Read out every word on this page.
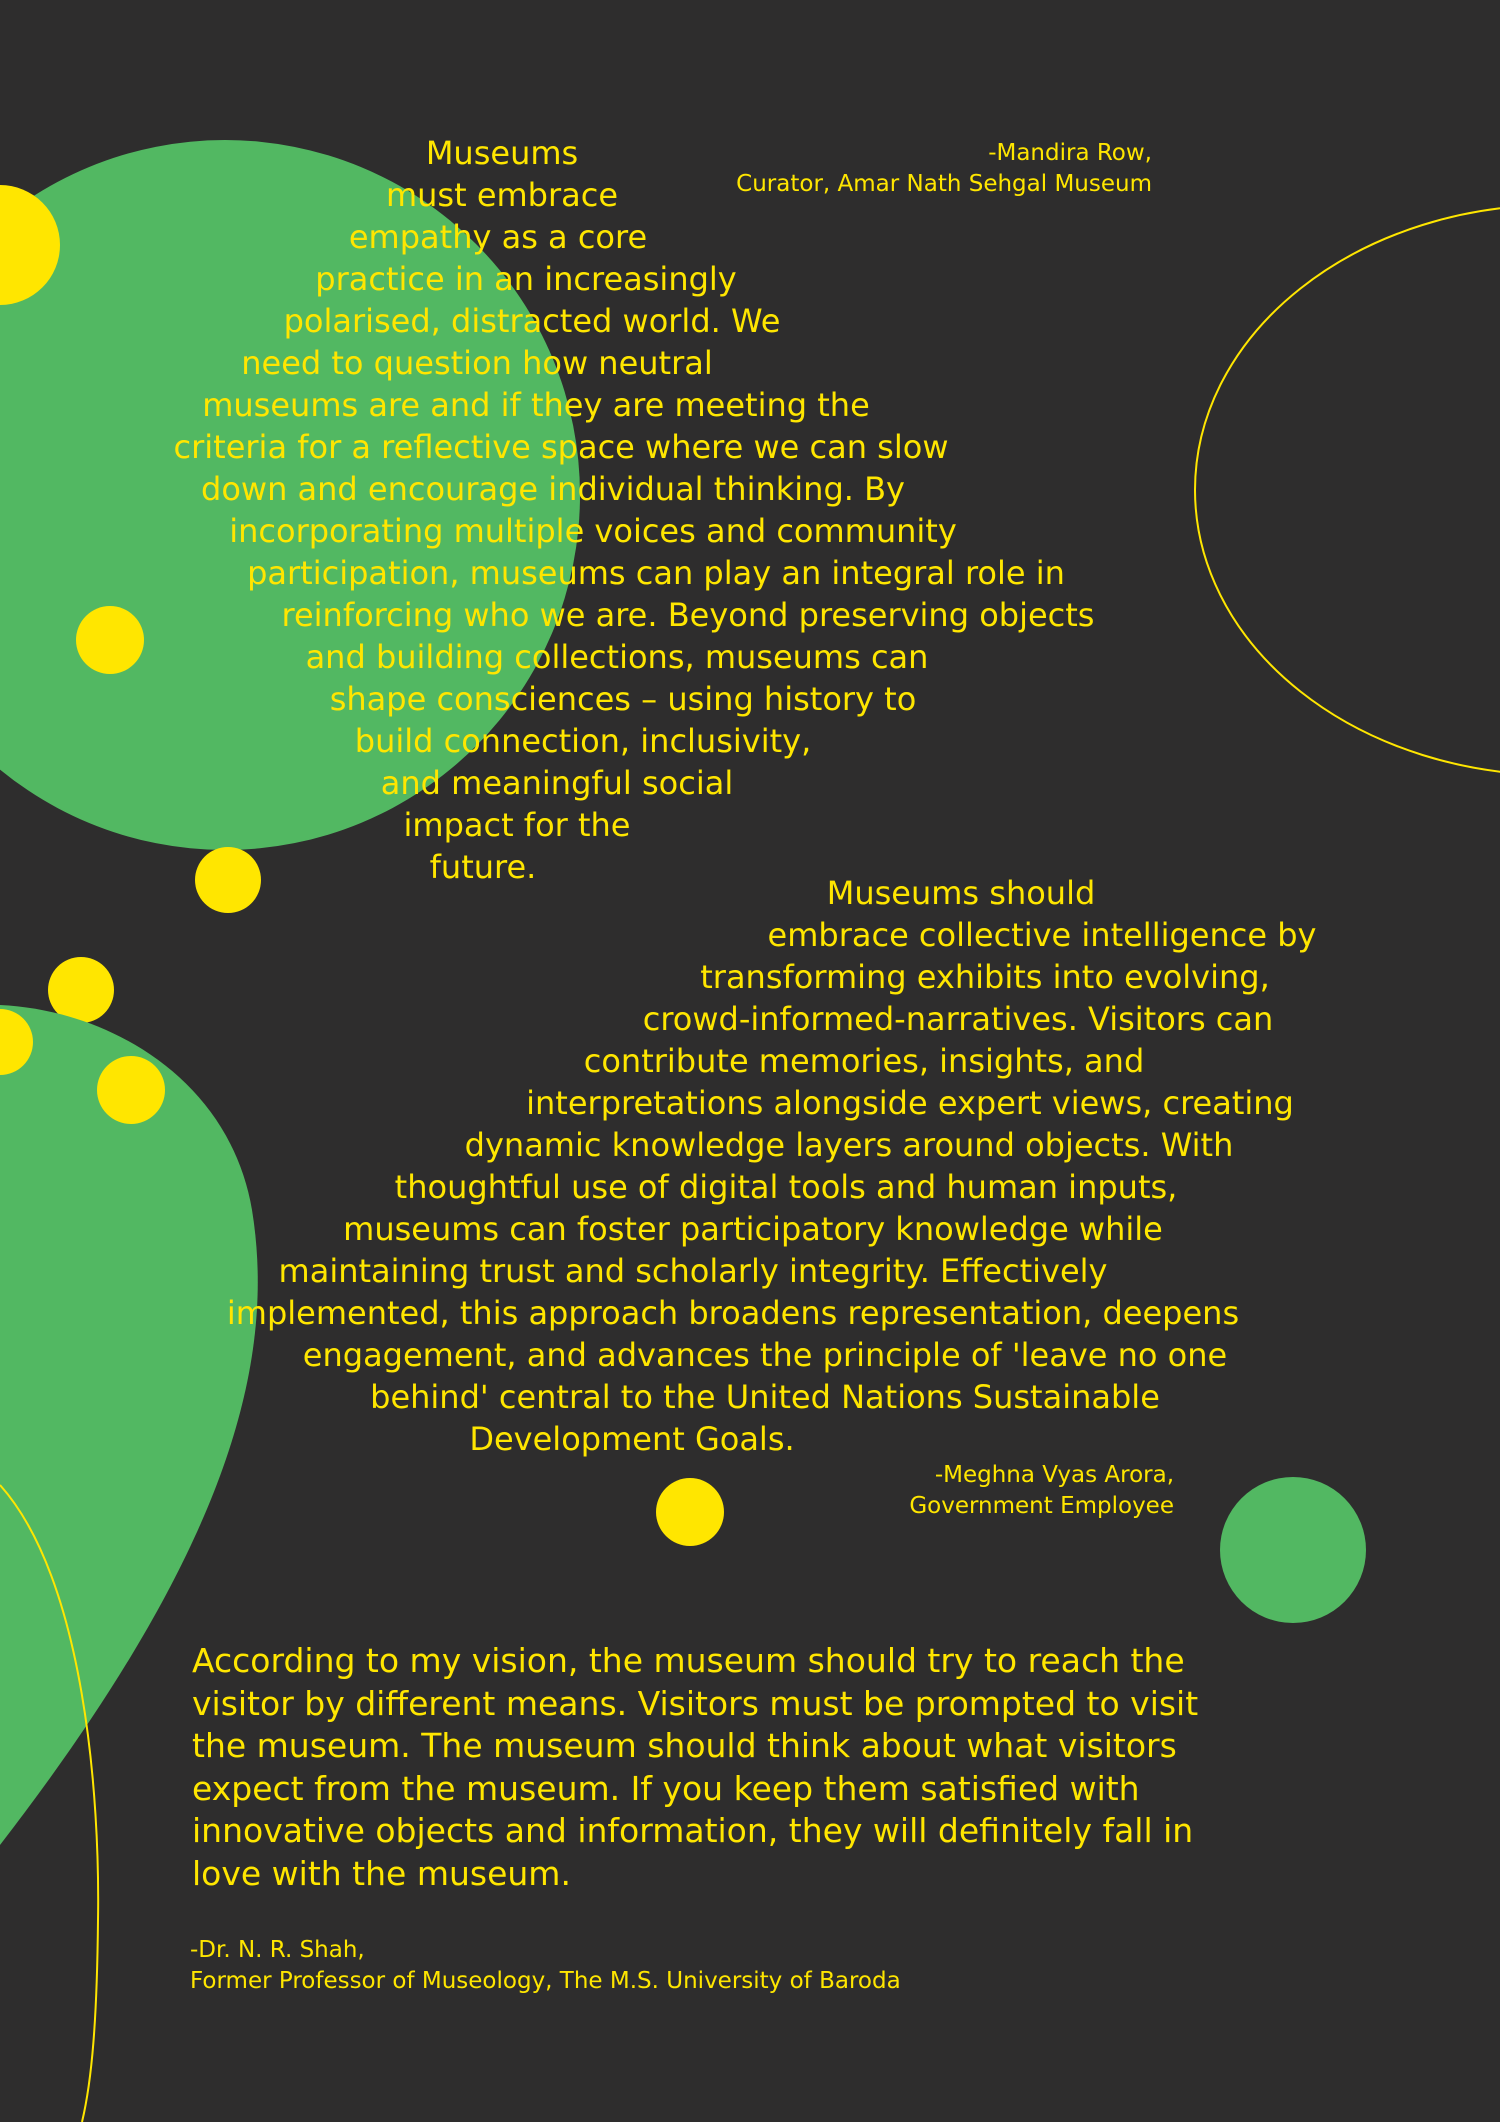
Museums
must embrace
empathy as a core
practice in an increasingly
polarised, distracted world. We
need to question how neutral
museums are and if they are meeting the
criteria for a reflective space where we can slow
down and encourage individual thinking. By
incorporating multiple voices and community
participation, museums can play an integral role in
reinforcing who we are. Beyond preserving objects
and building collections, museums can
shape consciences – using history to
build connection, inclusivity,
and meaningful social
impact for the
future.
-Mandira Row,
Curator, Amar Nath Sehgal Museum
Museums should
embrace collective intelligence by
transforming exhibits into evolving,
crowd-informed-narratives. Visitors can
contribute memories, insights, and
interpretations alongside expert views, creating
dynamic knowledge layers around objects. With
thoughtful use of digital tools and human inputs,
museums can foster participatory knowledge while
maintaining trust and scholarly integrity. Effectively
implemented, this approach broadens representation, deepens
engagement, and advances the principle of 'leave no one
behind' central to the United Nations Sustainable
Development Goals.
-Meghna Vyas Arora,
Government Employee

According to my vision, the museum should try to reach the visitor by different means. Visitors must be prompted to visit the museum. The museum should think about what visitors expect from the museum. If you keep them satisfied with innovative objects and information, they will definitely fall in love with the museum.

-Dr. N. R. Shah,
Former Professor of Museology, The M.S. University of Baroda
